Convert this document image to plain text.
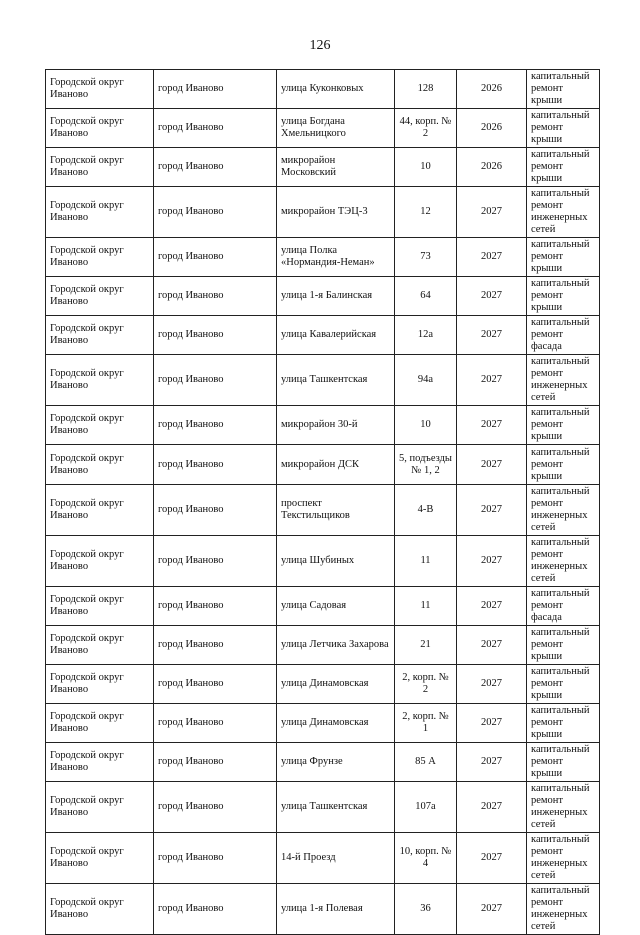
126
Городской округ Иваново	город Иваново	улица Куконковых	128	2026	капитальный ремонт крыши
Городской округ Иваново	город Иваново	улица Богдана Хмельницкого	44, корп. № 2	2026	капитальный ремонт крыши
Городской округ Иваново	город Иваново	микрорайон Московский	10	2026	капитальный ремонт крыши
Городской округ Иваново	город Иваново	микрорайон ТЭЦ-3	12	2027	капитальный ремонт инженерных сетей
Городской округ Иваново	город Иваново	улица Полка «Нормандия-Неман»	73	2027	капитальный ремонт крыши
Городской округ Иваново	город Иваново	улица 1-я Балинская	64	2027	капитальный ремонт крыши
Городской округ Иваново	город Иваново	улица Кавалерийская	12а	2027	капитальный ремонт фасада
Городской округ Иваново	город Иваново	улица Ташкентская	94а	2027	капитальный ремонт инженерных сетей
Городской округ Иваново	город Иваново	микрорайон 30-й	10	2027	капитальный ремонт крыши
Городской округ Иваново	город Иваново	микрорайон ДСК	5, подъезды № 1, 2	2027	капитальный ремонт крыши
Городской округ Иваново	город Иваново	проспект Текстильщиков	4-В	2027	капитальный ремонт инженерных сетей
Городской округ Иваново	город Иваново	улица Шубиных	11	2027	капитальный ремонт инженерных сетей
Городской округ Иваново	город Иваново	улица Садовая	11	2027	капитальный ремонт фасада
Городской округ Иваново	город Иваново	улица Летчика Захарова	21	2027	капитальный ремонт крыши
Городской округ Иваново	город Иваново	улица Динамовская	2, корп. № 2	2027	капитальный ремонт крыши
Городской округ Иваново	город Иваново	улица Динамовская	2, корп. № 1	2027	капитальный ремонт крыши
Городской округ Иваново	город Иваново	улица Фрунзе	85 А	2027	капитальный ремонт крыши
Городской округ Иваново	город Иваново	улица Ташкентская	107а	2027	капитальный ремонт инженерных сетей
Городской округ Иваново	город Иваново	14-й Проезд	10, корп. № 4	2027	капитальный ремонт инженерных сетей
Городской округ Иваново	город Иваново	улица 1-я Полевая	36	2027	капитальный ремонт инженерных сетей
